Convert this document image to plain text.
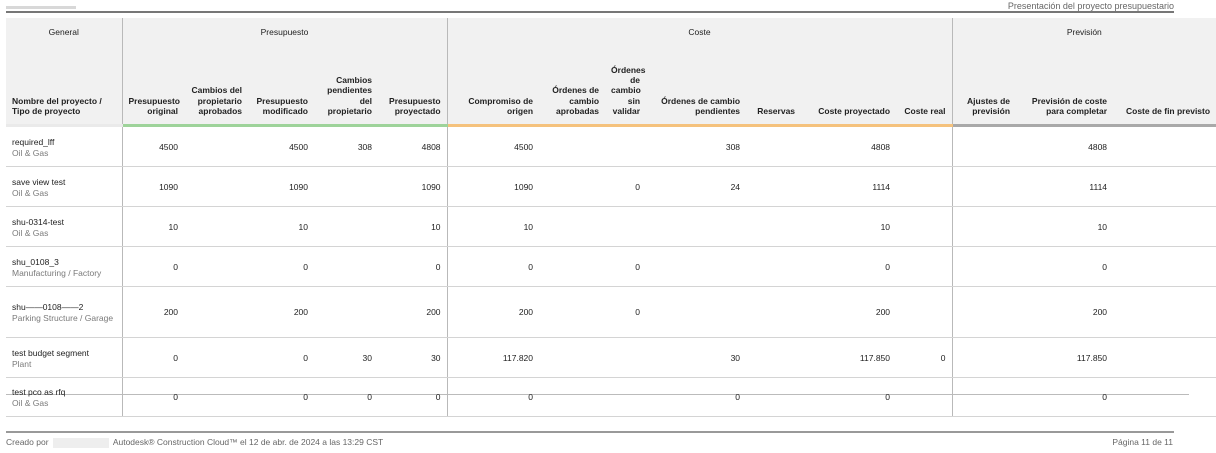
Presentación del proyecto presupuestario
General	Presupuesto					Coste							Previsión		
Nombre del proyecto / Tipo de proyecto	Presupuesto original	Cambios del propietario aprobados	Presupuesto modificado	Cambios pendientes del propietario	Presupuesto proyectado	Compromiso de origen	Órdenes de cambio aprobadas	Órdenes de cambio sin validar	Órdenes de cambio pendientes	Reservas	Coste proyectado	Coste real	Ajustes de previsión	Previsión de coste para completar	Coste de fin previsto

required_lff
Oil & Gas	4500		4500	308	4808	4500			308		4808			4808	

save view test
Oil & Gas	1090		1090		1090	1090		0	24		1114			1114	

shu-0314-test
Oil & Gas	10		10		10	10					10			10	

shu_0108_3
Manufacturing / Factory	0		0		0	0		0			0			0	

shu——0108——2
Parking Structure / Garage	200		200		200	200		0			200			200	

test budget segment
Plant	0		0	30	30	117.820			30		117.850	0		117.850	

test pco as rfq
Oil & Gas	0		0	0	0	0			0		0			0	
Creado por	Autodesk® Construction Cloud™ el 12 de abr. de 2024 a las 13:29 CST	Página 11 de 11
